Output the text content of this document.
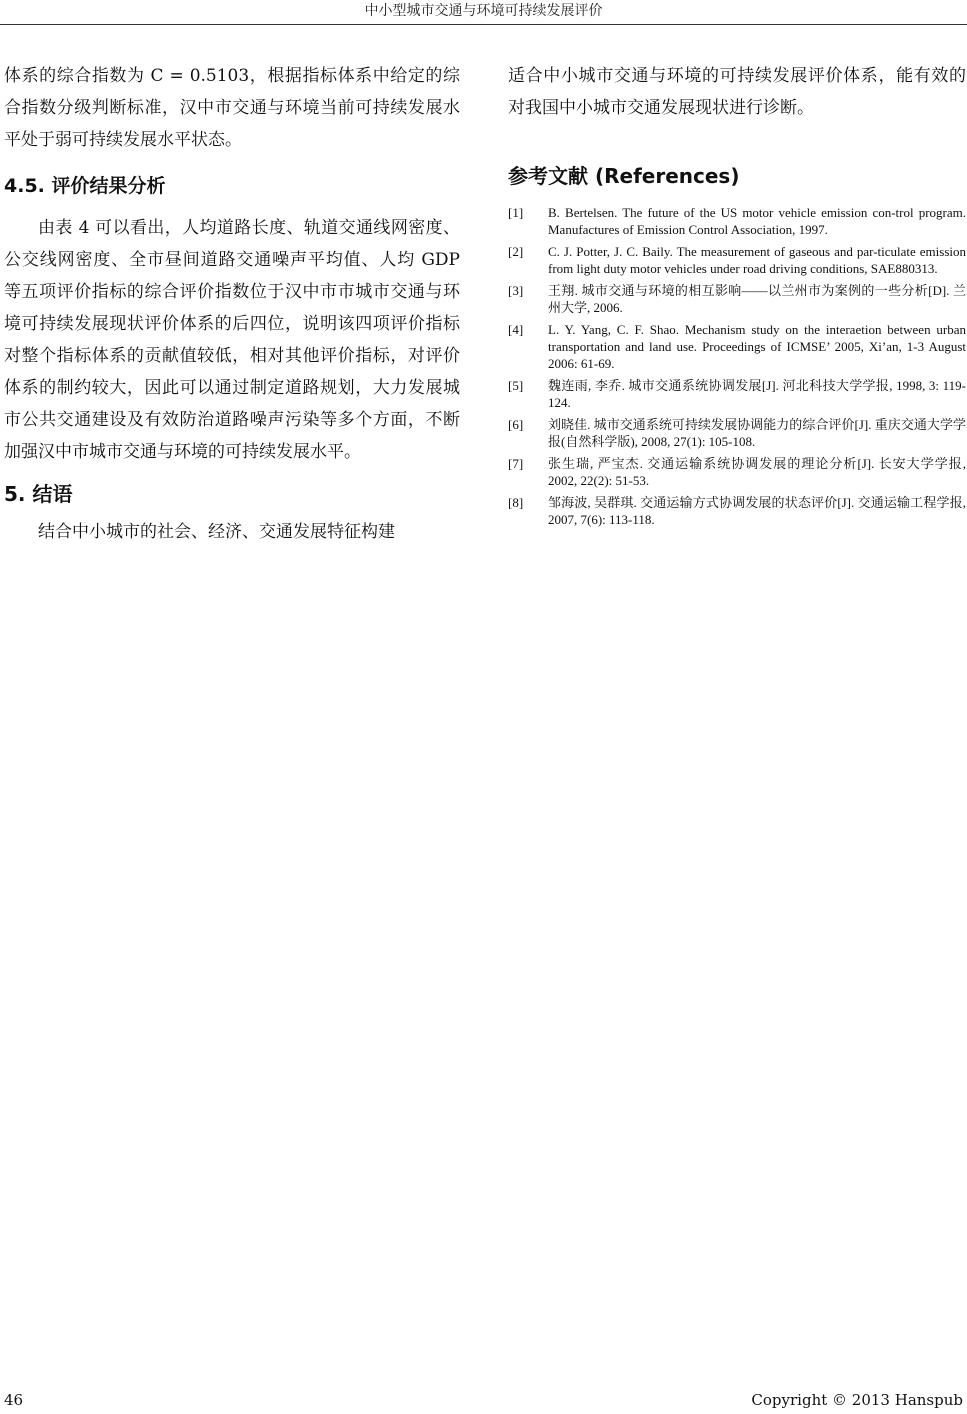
中小型城市交通与环境可持续发展评价

体系的综合指数为 C = 0.5103，根据指标体系中给定的综合指数分级判断标准，汉中市交通与环境当前可持续发展水平处于弱可持续发展水平状态。

4.5. 评价结果分析

由表 4 可以看出，人均道路长度、轨道交通线网密度、公交线网密度、全市昼间道路交通噪声平均值、人均 GDP 等五项评价指标的综合评价指数位于汉中市市城市交通与环境可持续发展现状评价体系的后四位，说明该四项评价指标对整个指标体系的贡献值较低，相对其他评价指标，对评价体系的制约较大，因此可以通过制定道路规划，大力发展城市公共交通建设及有效防治道路噪声污染等多个方面，不断加强汉中市城市交通与环境的可持续发展水平。

5. 结语

结合中小城市的社会、经济、交通发展特征构建

适合中小城市交通与环境的可持续发展评价体系，能有效的对我国中小城市交通发展现状进行诊断。

参考文献 (References)
[1]	B. Bertelsen. The future of the US motor vehicle emission con-trol program. Manufactures of Emission Control Association, 1997.
[2]	C. J. Potter, J. C. Baily. The measurement of gaseous and par-ticulate emission from light duty motor vehicles under road driving conditions, SAE880313.
[3]	王翔. 城市交通与环境的相互影响——以兰州市为案例的一些分析[D]. 兰州大学, 2006.
[4]	L. Y. Yang, C. F. Shao. Mechanism study on the interaetion between urban transportation and land use. Proceedings of ICMSE’ 2005, Xi’an, 1-3 August 2006: 61-69.
[5]	魏连雨, 李乔. 城市交通系统协调发展[J]. 河北科技大学学报, 1998, 3: 119-124.
[6]	刘晓佳. 城市交通系统可持续发展协调能力的综合评价[J]. 重庆交通大学学报(自然科学版), 2008, 27(1): 105-108.
[7]	张生瑞, 严宝杰. 交通运输系统协调发展的理论分析[J]. 长安大学学报, 2002, 22(2): 51-53.
[8]	邹海波, 吴群琪. 交通运输方式协调发展的状态评价[J]. 交通运输工程学报, 2007, 7(6): 113-118.
46	Copyright © 2013 Hanspub
